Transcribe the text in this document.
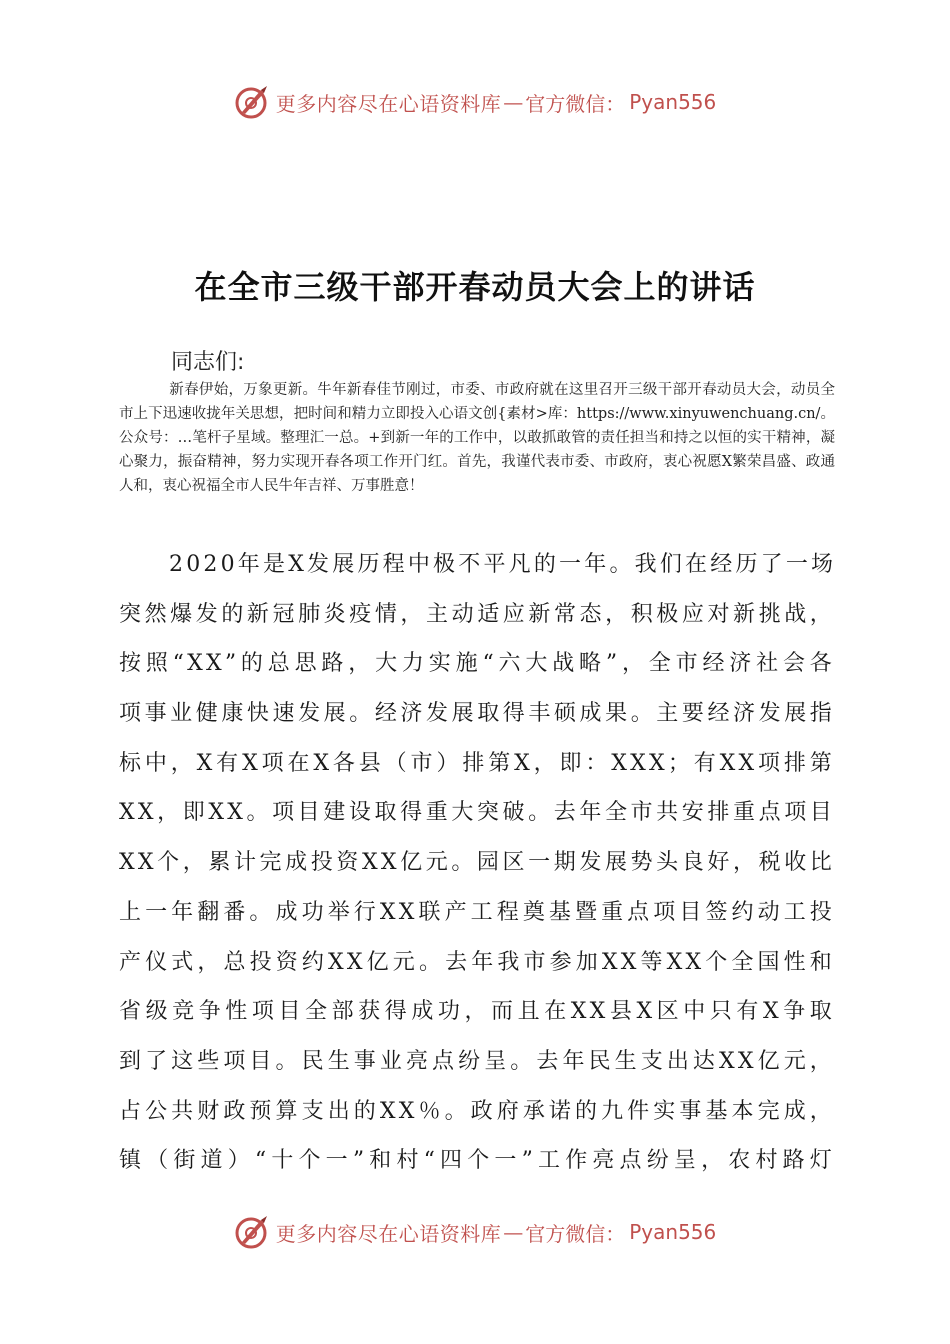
更多内容尽在心语资料库 — 官方微信： Pyan556
在全市三级干部开春动员大会上的讲话
同志们:
新春伊始，万象更新。牛年新春佳节刚过，市委、市政府就在这里召开三级干部开春动员大会，动员全市上下迅速收拢年关思想，把时间和精力立即投入心语文创{素材>库：https://www.xinyuwenchuang.cn/。公众号：…笔杆子星域。整理汇一总。+到新一年的工作中，以敢抓敢管的责任担当和持之以恒的实干精神，凝心聚力，振奋精神，努力实现开春各项工作开门红。首先，我谨代表市委、市政府，衷心祝愿X繁荣昌盛、政通人和，衷心祝福全市人民牛年吉祥、万事胜意！
2020年是X发展历程中极不平凡的一年。我们在经历了一场
突然爆发的新冠肺炎疫情，主动适应新常态，积极应对新挑战，
按照“XX”的总思路，大力实施“六大战略”，全市经济社会各
项事业健康快速发展。经济发展取得丰硕成果。主要经济发展指
标中，X有X项在X各县（市）排第X，即：XXX；有XX项排第
XX，即XX。项目建设取得重大突破。去年全市共安排重点项目
XX个，累计完成投资XX亿元。园区一期发展势头良好，税收比
上一年翻番。成功举行XX联产工程奠基暨重点项目签约动工投
产仪式，总投资约XX亿元。去年我市参加XX等XX个全国性和
省级竞争性项目全部获得成功，而且在XX县X区中只有X争取
到了这些项目。民生事业亮点纷呈。去年民生支出达XX亿元，
占公共财政预算支出的XX％。政府承诺的九件实事基本完成，
镇（街道）“十个一”和村“四个一”工作亮点纷呈，农村路灯
更多内容尽在心语资料库 — 官方微信： Pyan556
